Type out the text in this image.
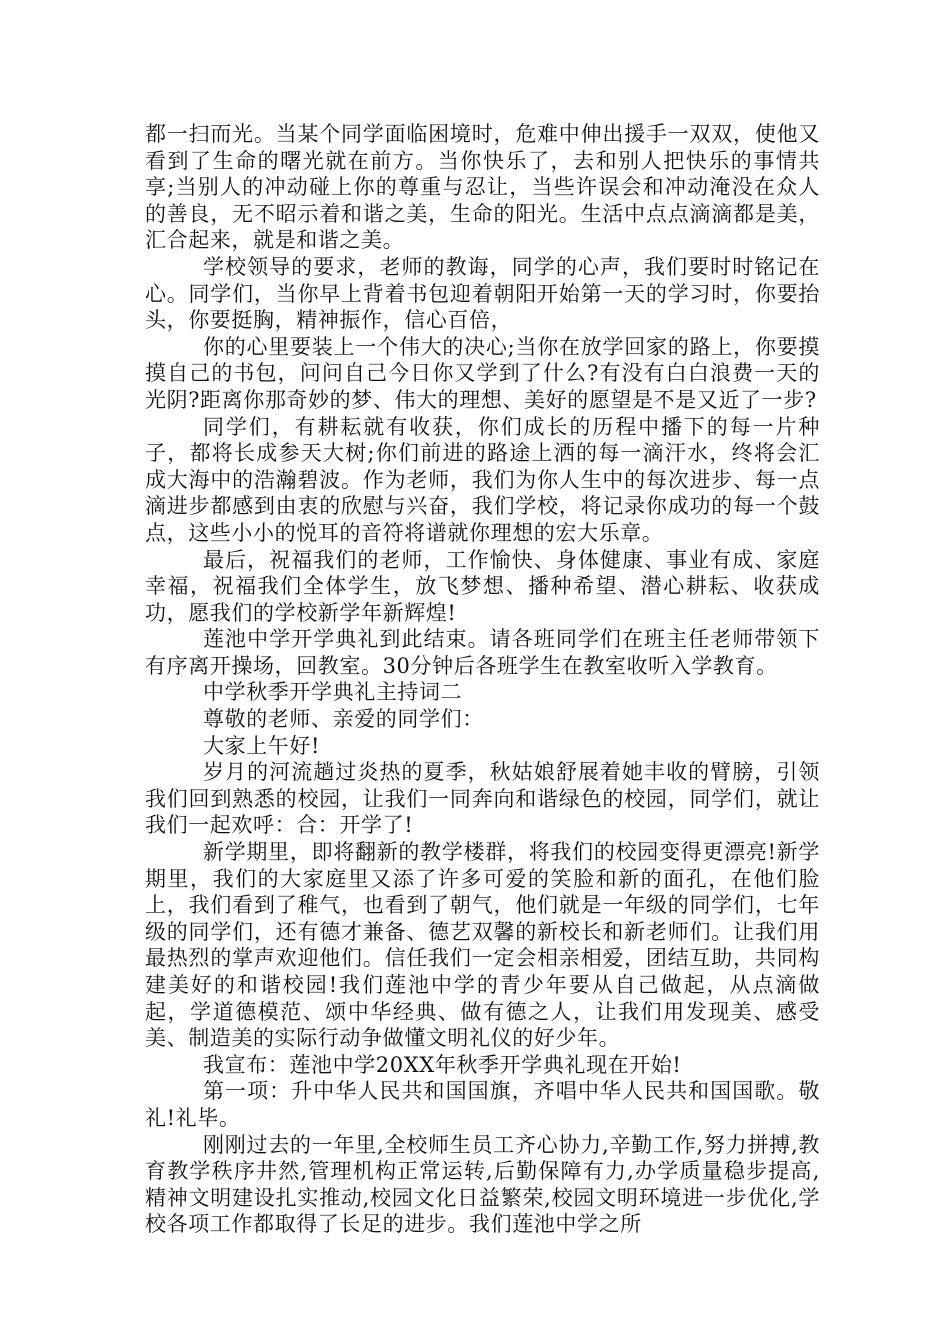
都一扫而光。当某个同学面临困境时，危难中伸出援手一双双，使他又看到了生命的曙光就在前方。当你快乐了，去和别人把快乐的事情共享;当别人的冲动碰上你的尊重与忍让，当些许误会和冲动淹没在众人的善良，无不昭示着和谐之美，生命的阳光。生活中点点滴滴都是美，汇合起来，就是和谐之美。

学校领导的要求，老师的教诲，同学的心声，我们要时时铭记在心。同学们，当你早上背着书包迎着朝阳开始第一天的学习时，你要抬头，你要挺胸，精神振作，信心百倍，

你的心里要装上一个伟大的决心;当你在放学回家的路上，你要摸摸自己的书包，问问自己今日你又学到了什么?有没有白白浪费一天的光阴?距离你那奇妙的梦、伟大的理想、美好的愿望是不是又近了一步?

同学们，有耕耘就有收获，你们成长的历程中播下的每一片种子，都将长成参天大树;你们前进的路途上洒的每一滴汗水，终将会汇成大海中的浩瀚碧波。作为老师，我们为你人生中的每次进步、每一点滴进步都感到由衷的欣慰与兴奋，我们学校，将记录你成功的每一个鼓点，这些小小的悦耳的音符将谱就你理想的宏大乐章。

最后，祝福我们的老师，工作愉快、身体健康、事业有成、家庭幸福，祝福我们全体学生，放飞梦想、播种希望、潜心耕耘、收获成功，愿我们的学校新学年新辉煌!

莲池中学开学典礼到此结束。请各班同学们在班主任老师带领下有序离开操场，回教室。30分钟后各班学生在教室收听入学教育。

中学秋季开学典礼主持词二

尊敬的老师、亲爱的同学们：

大家上午好!

岁月的河流趟过炎热的夏季，秋姑娘舒展着她丰收的臂膀，引领我们回到熟悉的校园，让我们一同奔向和谐绿色的校园，同学们，就让我们一起欢呼：合：开学了!

新学期里，即将翻新的教学楼群，将我们的校园变得更漂亮!新学期里，我们的大家庭里又添了许多可爱的笑脸和新的面孔，在他们脸上，我们看到了稚气，也看到了朝气，他们就是一年级的同学们，七年级的同学们，还有德才兼备、德艺双馨的新校长和新老师们。让我们用最热烈的掌声欢迎他们。信任我们一定会相亲相爱，团结互助，共同构建美好的和谐校园!我们莲池中学的青少年要从自己做起，从点滴做起，学道德模范、颂中华经典、做有德之人，让我们用发现美、感受美、制造美的实际行动争做懂文明礼仪的好少年。

我宣布：莲池中学20XX年秋季开学典礼现在开始!

第一项：升中华人民共和国国旗，齐唱中华人民共和国国歌。敬礼!礼毕。

刚刚过去的一年里,全校师生员工齐心协力,辛勤工作,努力拼搏,教育教学秩序井然,管理机构正常运转,后勤保障有力,办学质量稳步提高,精神文明建设扎实推动,校园文化日益繁荣,校园文明环境进一步优化,学校各项工作都取得了长足的进步。我们莲池中学之所
